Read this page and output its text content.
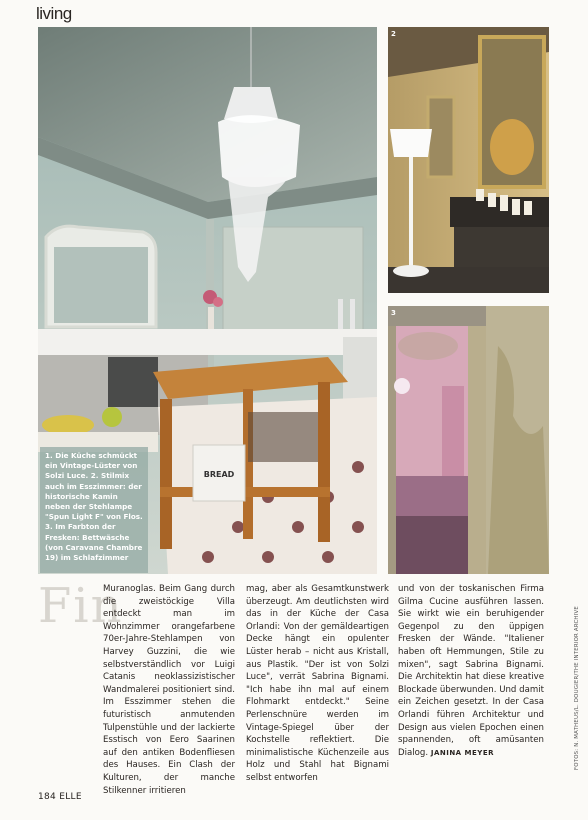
living
BREAD
2
3
1. Die Küche schmückt ein Vintage-Lüster von Solzi Luce. 2. Stilmix auch im Esszimmer: der historische Kamin neben der Stehlampe "Spun Light F" von Flos. 3. Im Farbton der Fresken: Bettwäsche (von Caravane Chambre 19) im Schlafzimmer
Fin

Muranoglas. Beim Gang durch die zweistöckige Villa entdeckt man im Wohnzimmer orangefarbene 70er-Jahre-Stehlampen von Harvey Guzzini, die wie selbstverständlich vor Luigi Catanis neoklassizistischer Wandmalerei positioniert sind. Im Esszimmer stehen die futuristisch anmutenden Tulpenstühle und der lackierte Esstisch von Eero Saarinen auf den antiken Bodenfliesen des Hauses. Ein Clash der Kulturen, der manche Stilkenner irritieren

mag, aber als Gesamtkunstwerk überzeugt. Am deutlichsten wird das in der Küche der Casa Orlandi: Von der gemäldeartigen Decke hängt ein opulenter Lüster herab – nicht aus Kristall, aus Plastik. "Der ist von Solzi Luce", verrät Sabrina Bignami. "Ich habe ihn mal auf einem Flohmarkt entdeckt." Seine Perlenschnüre werden im Vintage-Spiegel über der Kochstelle reflektiert. Die minimalistische Küchenzeile aus Holz und Stahl hat Bignami selbst entworfen

und von der toskanischen Firma Gilma Cucine ausführen lassen. Sie wirkt wie ein beruhigender Gegenpol zu den üppigen Fresken der Wände. "Italiener haben oft Hemmungen, Stile zu mixen", sagt Sabrina Bignami. Die Architektin hat diese kreative Blockade überwunden. Und damit ein Zeichen gesetzt. In der Casa Orlandi führen Architektur und Design aus vielen Epochen einen spannenden, oft amüsanten Dialog. JANINA MEYER

184 ELLE
FOTOS: N. MATHEUS/L. DOUGIER/THE INTERIOR ARCHIVE
